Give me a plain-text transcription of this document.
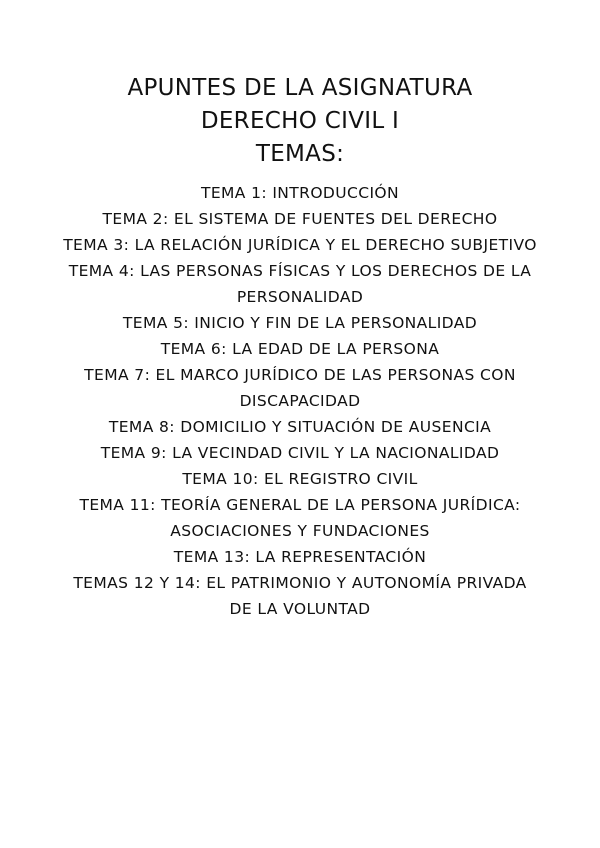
APUNTES DE LA ASIGNATURA

DERECHO CIVIL I

TEMAS:

TEMA 1: INTRODUCCIÓN
TEMA 2: EL SISTEMA DE FUENTES DEL DERECHO
TEMA 3: LA RELACIÓN JURÍDICA Y EL DERECHO SUBJETIVO
TEMA 4: LAS PERSONAS FÍSICAS Y LOS DERECHOS DE LA PERSONALIDAD
TEMA 5: INICIO Y FIN DE LA PERSONALIDAD
TEMA 6: LA EDAD DE LA PERSONA
TEMA 7: EL MARCO JURÍDICO DE LAS PERSONAS CON DISCAPACIDAD
TEMA 8: DOMICILIO Y SITUACIÓN DE AUSENCIA
TEMA 9: LA VECINDAD CIVIL Y LA NACIONALIDAD
TEMA 10: EL REGISTRO CIVIL
TEMA 11: TEORÍA GENERAL DE LA PERSONA JURÍDICA: ASOCIACIONES Y FUNDACIONES
TEMA 13: LA REPRESENTACIÓN
TEMAS 12 Y 14: EL PATRIMONIO Y AUTONOMÍA PRIVADA DE LA VOLUNTAD
